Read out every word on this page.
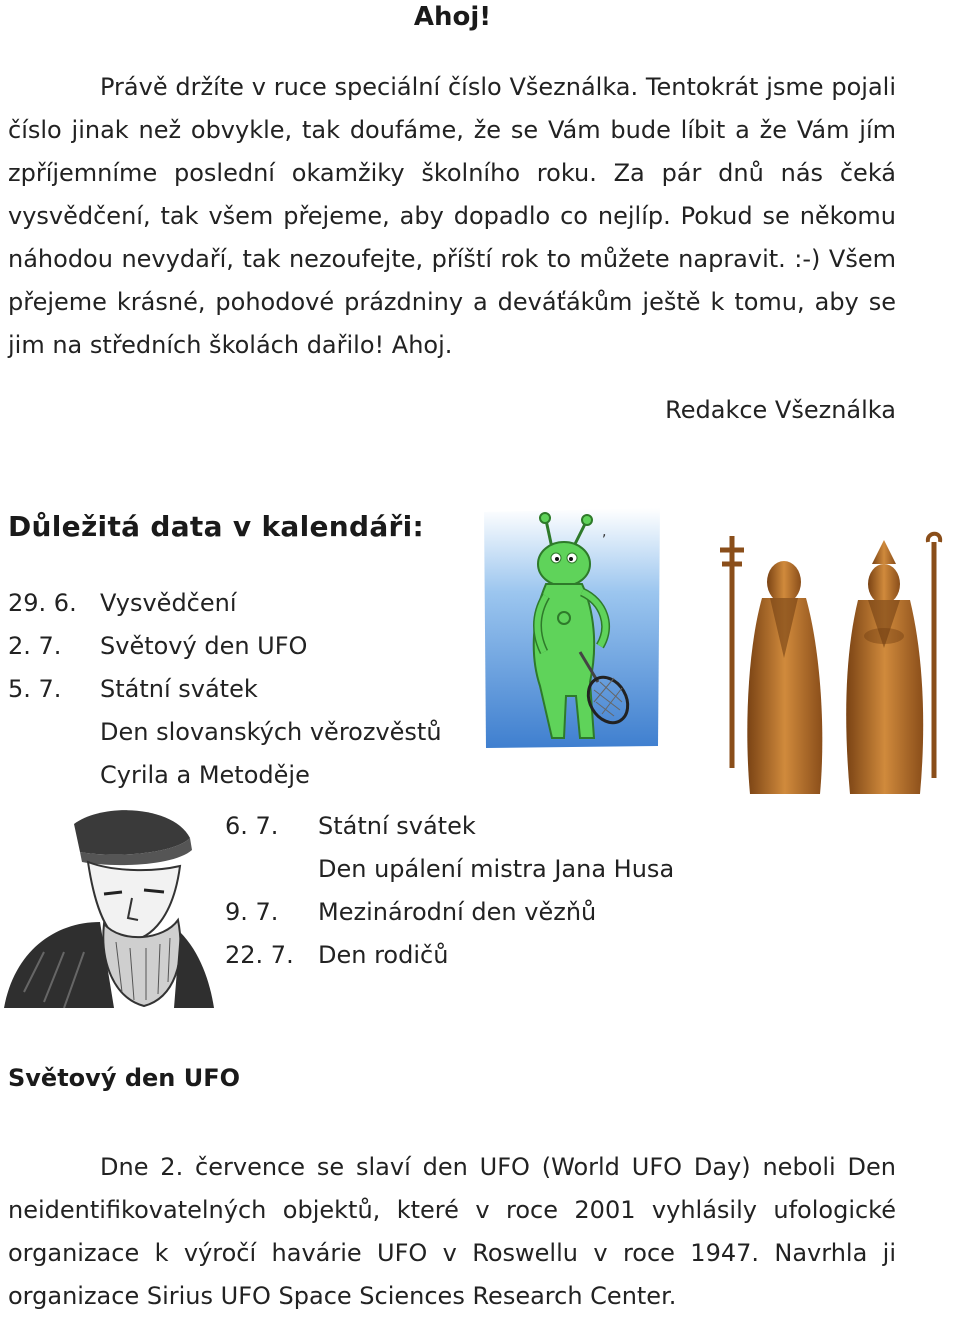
Ahoj!

Právě držíte v ruce speciální číslo Všeználka. Tentokrát jsme pojali číslo jinak než obvykle, tak doufáme, že se Vám bude líbit a že Vám jím zpříjemníme poslední okamžiky školního roku. Za pár dnů nás čeká vysvědčení, tak všem přejeme, aby dopadlo co nejlíp. Pokud se někomu náhodou nevydaří, tak nezoufejte, příští rok to můžete napravit. :-) Všem přejeme krásné, pohodové prázdniny a deváťákům ještě k tomu, aby se jim na středních školách dařilo! Ahoj.

Redakce Všeználka
Důležitá data v kalendáři:
29. 6. Vysvědčení
2. 7. Světový den UFO
5. 7. Státní svátek
Den slovanských věrozvěstů
Cyrila a Metoděje
6. 7. Státní svátek
Den upálení mistra Jana Husa
9. 7. Mezinárodní den vězňů
22. 7. Den rodičů
,
Světový den UFO

Dne 2. července se slaví den UFO (World UFO Day) neboli Den neidentifikovatelných objektů, které v roce 2001 vyhlásily ufologické organizace k výročí havárie UFO v Roswellu v roce 1947. Navrhla ji organizace Sirius UFO Space Sciences Research Center.
